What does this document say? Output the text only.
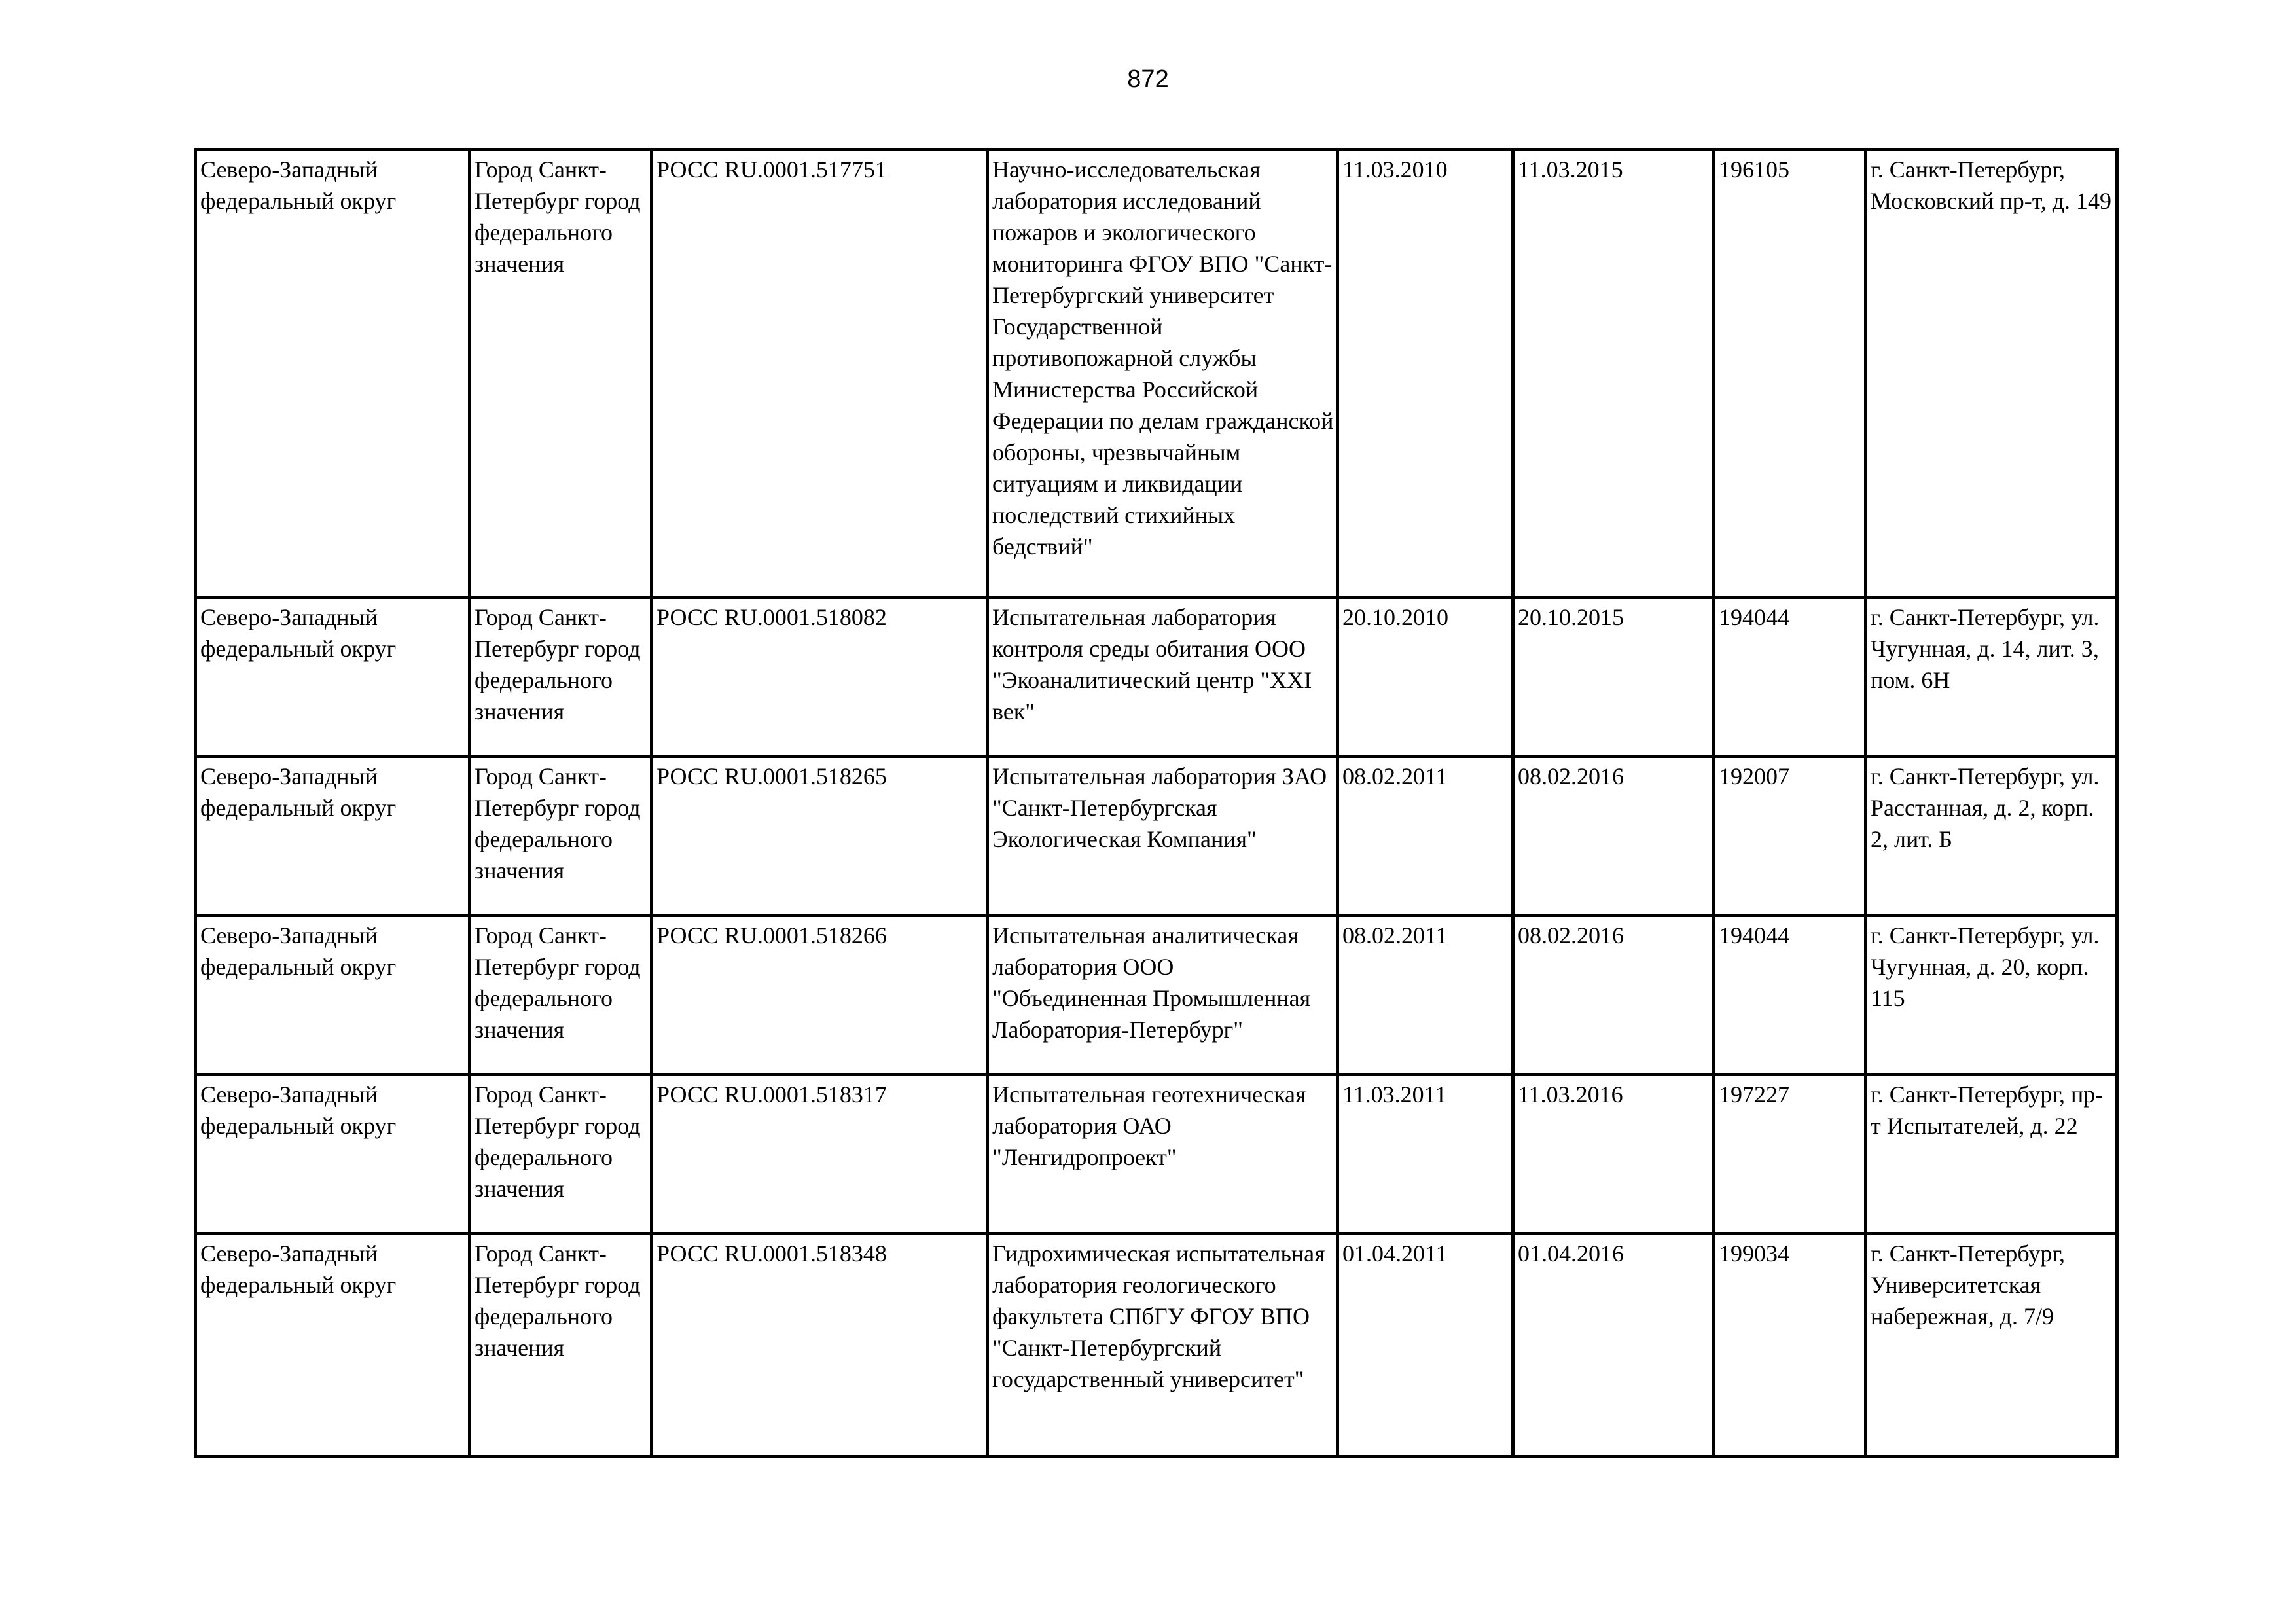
872
Северо-Западный федеральный округ	Город Санкт-Петербург город федерального значения	РОСС RU.0001.517751	Научно-исследовательская лаборатория исследований пожаров и экологического мониторинга ФГОУ ВПО "Санкт-Петербургский университет Государственной противопожарной службы Министерства Российской Федерации по делам гражданской обороны, чрезвычайным ситуациям и ликвидации последствий стихийных бедствий"	11.03.2010	11.03.2015	196105	г. Санкт-Петербург, Московский пр-т, д. 149
Северо-Западный федеральный округ	Город Санкт-Петербург город федерального значения	РОСС RU.0001.518082	Испытательная лаборатория контроля среды обитания ООО "Экоаналитический центр "XXI век"	20.10.2010	20.10.2015	194044	г. Санкт-Петербург, ул. Чугунная, д. 14, лит. З, пом. 6Н
Северо-Западный федеральный округ	Город Санкт-Петербург город федерального значения	РОСС RU.0001.518265	Испытательная лаборатория ЗАО "Санкт-Петербургская Экологическая Компания"	08.02.2011	08.02.2016	192007	г. Санкт-Петербург, ул. Расстанная, д. 2, корп. 2, лит. Б
Северо-Западный федеральный округ	Город Санкт-Петербург город федерального значения	РОСС RU.0001.518266	Испытательная аналитическая лаборатория ООО "Объединенная Промышленная Лаборатория-Петербург"	08.02.2011	08.02.2016	194044	г. Санкт-Петербург, ул. Чугунная, д. 20, корп. 115
Северо-Западный федеральный округ	Город Санкт-Петербург город федерального значения	РОСС RU.0001.518317	Испытательная геотехническая лаборатория ОАО "Ленгидропроект"	11.03.2011	11.03.2016	197227	г. Санкт-Петербург, пр-т Испытателей, д. 22
Северо-Западный федеральный округ	Город Санкт-Петербург город федерального значения	РОСС RU.0001.518348	Гидрохимическая испытательная лаборатория геологического факультета СПбГУ ФГОУ ВПО "Санкт-Петербургский государственный университет"	01.04.2011	01.04.2016	199034	г. Санкт-Петербург, Университетская набережная, д. 7/9
